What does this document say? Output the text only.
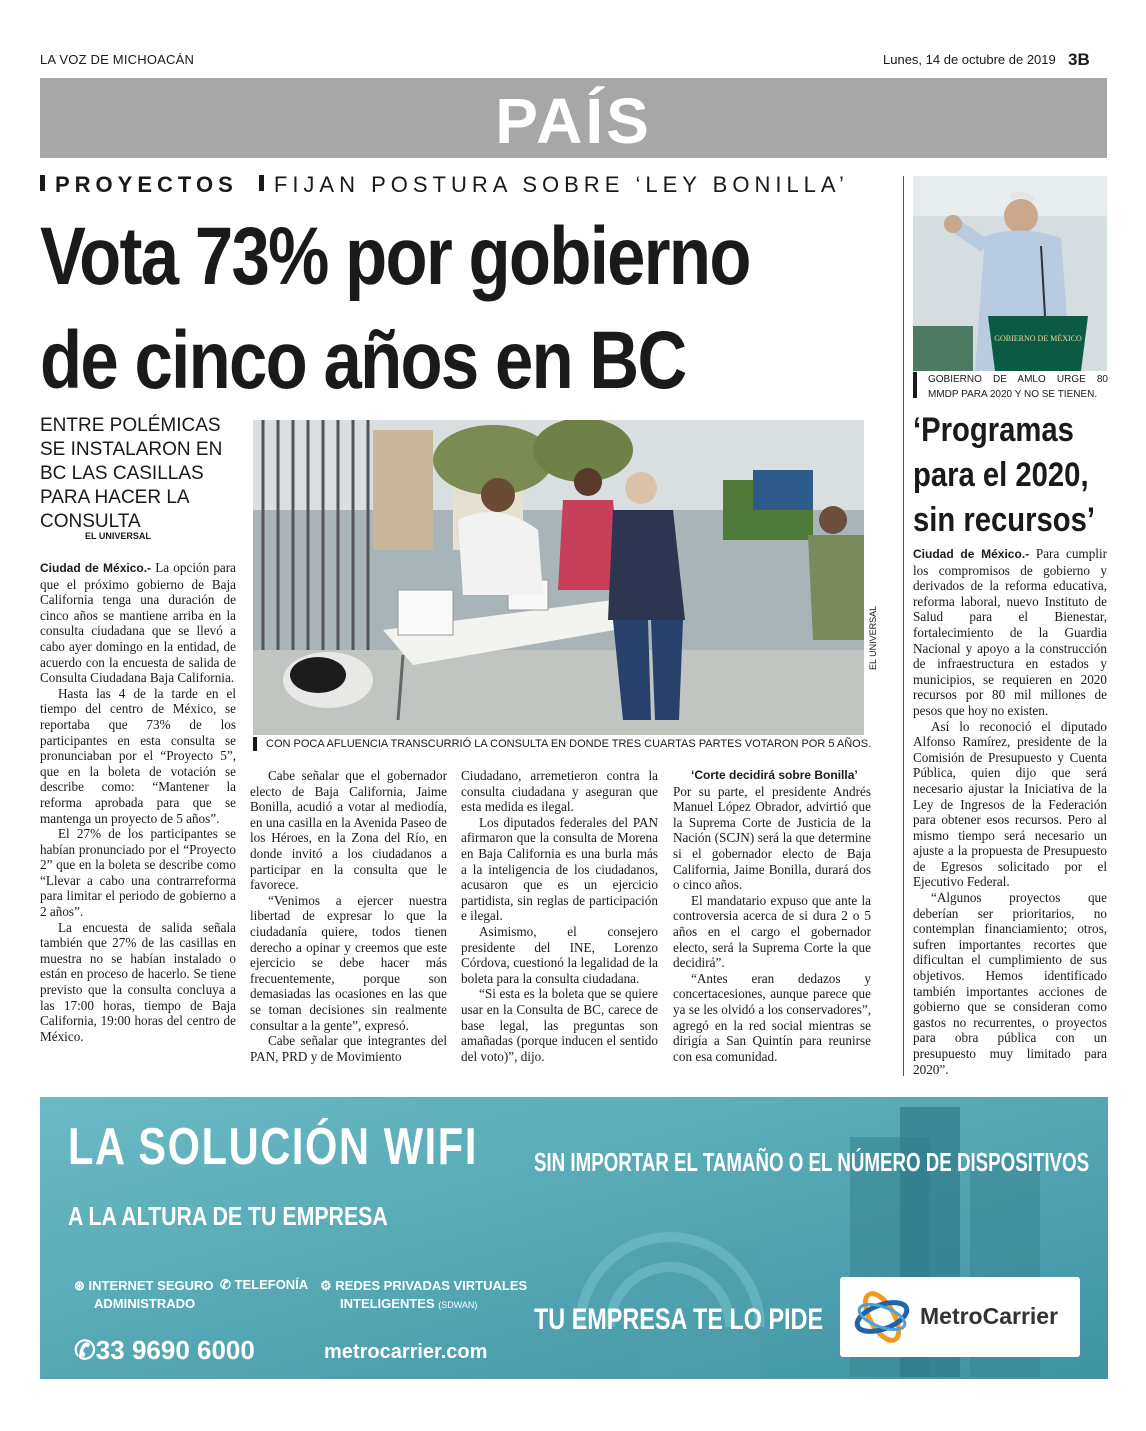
LA VOZ DE MICHOACÁN	Lunes, 14 de octubre de 2019 3B
PAÍS
PROYECTOS FIJAN POSTURA SOBRE ‘LEY BONILLA’
Vota 73% por gobierno
de cinco años en BC
ENTRE POLÉMICAS SE INSTALARON EN BC LAS CASILLAS PARA HACER LA CONSULTA
EL UNIVERSAL
EL UNIVERSAL
CON POCA AFLUENCIA TRANSCURRIÓ LA CONSULTA EN DONDE TRES CUARTAS PARTES VOTARON POR 5 AÑOS.

Ciudad de México.- La opción para que el próximo gobierno de Baja California tenga una duración de cinco años se mantiene arriba en la consulta ciudadana que se llevó a cabo ayer domingo en la entidad, de acuerdo con la encuesta de salida de Consulta Ciudadana Baja California.

Hasta las 4 de la tarde en el tiempo del centro de México, se reportaba que 73% de los participantes en esta consulta se pronunciaban por el “Proyecto 5”, que en la boleta de votación se describe como: “Mantener la reforma aprobada para que se mantenga un proyecto de 5 años”.

El 27% de los participantes se habían pronunciado por el “Proyecto 2” que en la boleta se describe como “Llevar a cabo una contrarreforma para limitar el periodo de gobierno a 2 años”.

La encuesta de salida señala también que 27% de las casillas en muestra no se habían instalado o están en proceso de hacerlo. Se tiene previsto que la consulta concluya a las 17:00 horas, tiempo de Baja California, 19:00 horas del centro de México.

Cabe señalar que el gobernador electo de Baja California, Jaime Bonilla, acudió a votar al mediodía, en una casilla en la Avenida Paseo de los Héroes, en la Zona del Río, en donde invitó a los ciudadanos a participar en la consulta que le favorece.

“Venimos a ejercer nuestra libertad de expresar lo que la ciudadanía quiere, todos tienen derecho a opinar y creemos que este ejercicio se debe hacer más frecuentemente, porque son demasiadas las ocasiones en las que se toman decisiones sin realmente consultar a la gente”, expresó.

Cabe señalar que integrantes del PAN, PRD y de Movimiento

Ciudadano, arremetieron contra la consulta ciudadana y aseguran que esta medida es ilegal.

Los diputados federales del PAN afirmaron que la consulta de Morena en Baja California es una burla más a la inteligencia de los ciudadanos, acusaron que es un ejercicio partidista, sin reglas de participación e ilegal.

Asimismo, el consejero presidente del INE, Lorenzo Córdova, cuestionó la legalidad de la boleta para la consulta ciudadana.

“Si esta es la boleta que se quiere usar en la Consulta de BC, carece de base legal, las preguntas son amañadas (porque inducen el sentido del voto)”, dijo.

‘Corte decidirá sobre Bonilla’

Por su parte, el presidente Andrés Manuel López Obrador, advirtió que la Suprema Corte de Justicia de la Nación (SCJN) será la que determine si el gobernador electo de Baja California, Jaime Bonilla, durará dos o cinco años.

El mandatario expuso que ante la controversia acerca de si dura 2 o 5 años en el cargo el gobernador electo, será la Suprema Corte la que decidirá”.

“Antes eran dedazos y concertacesiones, aunque parece que ya se les olvidó a los conservadores”, agregó en la red social mientras se dirigía a San Quintín para reunirse con esa comunidad.

GOBIERNO DE MÉXICO
GOBIERNO DE AMLO URGE 80 MMDP PARA 2020 Y NO SE TIENEN.
‘Programas
para el 2020,
sin recursos’

Ciudad de México.- Para cumplir los compromisos de gobierno y derivados de la reforma educativa, reforma laboral, nuevo Instituto de Salud para el Bienestar, fortalecimiento de la Guardia Nacional y apoyo a la construcción de infraestructura en estados y municipios, se requieren en 2020 recursos por 80 mil millones de pesos que hoy no existen.

Así lo reconoció el diputado Alfonso Ramírez, presidente de la Comisión de Presupuesto y Cuenta Pública, quien dijo que será necesario ajustar la Iniciativa de la Ley de Ingresos de la Federación para obtener esos recursos. Pero al mismo tiempo será necesario un ajuste a la propuesta de Presupuesto de Egresos solicitado por el Ejecutivo Federal.

“Algunos proyectos que deberían ser prioritarios, no contemplan financiamiento; otros, sufren importantes recortes que dificultan el cumplimiento de sus objetivos. Hemos identificado también importantes acciones de gobierno que se consideran como gastos no recurrentes, o proyectos para obra pública con un presupuesto muy limitado para 2020”.

LA SOLUCIÓN WIFI
A LA ALTURA DE TU EMPRESA
SIN IMPORTAR EL TAMAÑO O EL NÚMERO DE DISPOSITIVOS
⊛ INTERNET SEGURO
ADMINISTRADO
✆ TELEFONÍA ⚙ REDES PRIVADAS VIRTUALES
INTELIGENTES (SDWAN)
✆33 9690 6000	metrocarrier.com
TU EMPRESA TE LO PIDE	MetroCarrier
